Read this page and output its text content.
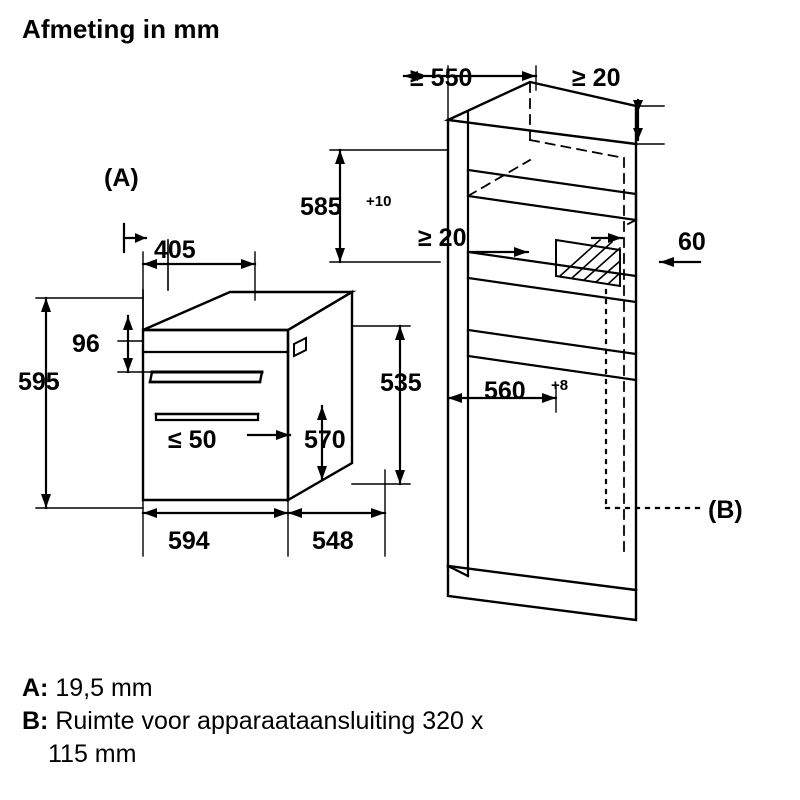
Afmeting in mm
(A)
405
96
595
≤ 50	570
594	548
535
≥ 550	≥ 20
585 +10
≥ 20	60
560 +8
(B)
A: 19,5 mm
B: Ruimte voor apparaataansluiting 320 x
115 mm
